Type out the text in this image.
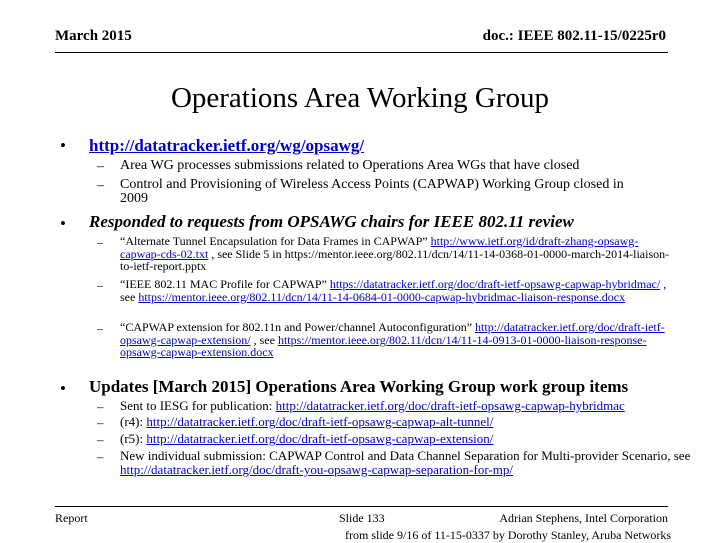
March 2015	doc.: IEEE 802.11-15/0225r0
Operations Area Working Group
• http://datatracker.ietf.org/wg/opsawg/
– Area WG processes submissions related to Operations Area WGs that have closed
– Control and Provisioning of Wireless Access Points (CAPWAP) Working Group closed in 2009
• Responded to requests from OPSAWG chairs for IEEE 802.11 review
– “Alternate Tunnel Encapsulation for Data Frames in CAPWAP” http://www.ietf.org/id/draft-zhang-opsawg-capwap-cds-02.txt , see Slide 5 in https://mentor.ieee.org/802.11/dcn/14/11-14-0368-01-0000-march-2014-liaison-to-ietf-report.pptx
– “IEEE 802.11 MAC Profile for CAPWAP” https://datatracker.ietf.org/doc/draft-ietf-opsawg-capwap-hybridmac/ , see https://mentor.ieee.org/802.11/dcn/14/11-14-0684-01-0000-capwap-hybridmac-liaison-response.docx
– “CAPWAP extension for 802.11n and Power/channel Autoconfiguration” http://datatracker.ietf.org/doc/draft-ietf-opsawg-capwap-extension/ , see https://mentor.ieee.org/802.11/dcn/14/11-14-0913-01-0000-liaison-response-opsawg-capwap-extension.docx
• Updates [March 2015] Operations Area Working Group work group items
– Sent to IESG for publication: http://datatracker.ietf.org/doc/draft-ietf-opsawg-capwap-hybridmac
– (r4): http://datatracker.ietf.org/doc/draft-ietf-opsawg-capwap-alt-tunnel/
– (r5): http://datatracker.ietf.org/doc/draft-ietf-opsawg-capwap-extension/
– New individual submission: CAPWAP Control and Data Channel Separation for Multi-provider Scenario, see http://datatracker.ietf.org/doc/draft-you-opsawg-capwap-separation-for-mp/
Report	Slide 133	Adrian Stephens, Intel Corporation
from slide 9/16 of 11-15-0337 by Dorothy Stanley, Aruba Networks
